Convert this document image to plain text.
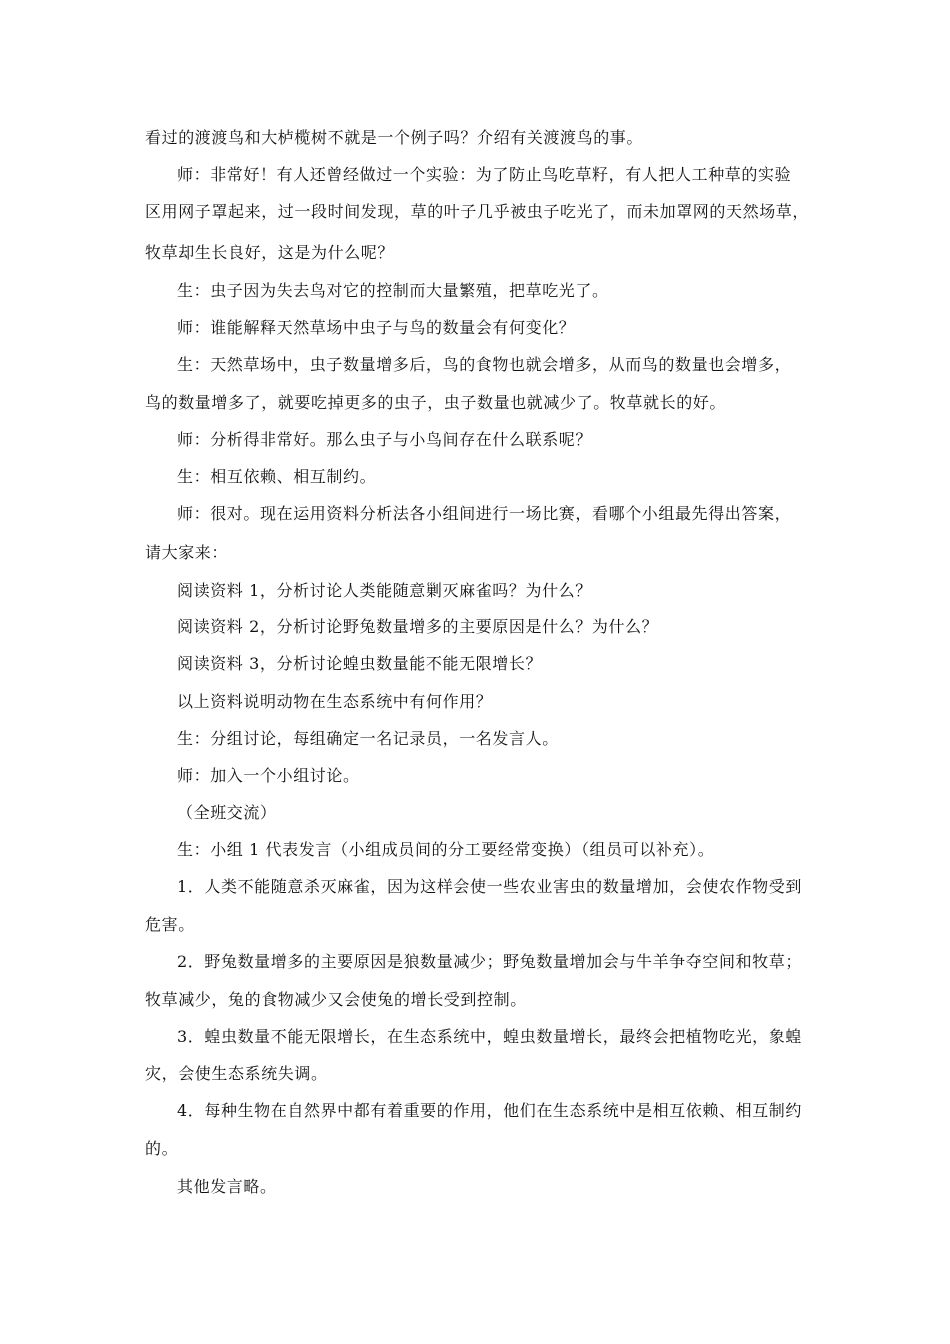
看过的渡渡鸟和大栌榄树不就是一个例子吗？介绍有关渡渡鸟的事。
师：非常好！有人还曾经做过一个实验：为了防止鸟吃草籽，有人把人工种草的实验
区用网子罩起来，过一段时间发现，草的叶子几乎被虫子吃光了，而未加罩网的天然场草，
牧草却生长良好，这是为什么呢？
生：虫子因为失去鸟对它的控制而大量繁殖，把草吃光了。
师：谁能解释天然草场中虫子与鸟的数量会有何变化？
生：天然草场中，虫子数量增多后，鸟的食物也就会增多，从而鸟的数量也会增多，
鸟的数量增多了，就要吃掉更多的虫子，虫子数量也就减少了。牧草就长的好。
师：分析得非常好。那么虫子与小鸟间存在什么联系呢？
生：相互依赖、相互制约。
师：很对。现在运用资料分析法各小组间进行一场比赛，看哪个小组最先得出答案，
请大家来：
阅读资料 1，分析讨论人类能随意剿灭麻雀吗？为什么？
阅读资料 2，分析讨论野兔数量增多的主要原因是什么？为什么？
阅读资料 3，分析讨论蝗虫数量能不能无限增长？
以上资料说明动物在生态系统中有何作用？
生：分组讨论，每组确定一名记录员，一名发言人。
师：加入一个小组讨论。
（全班交流）
生：小组 1 代表发言（小组成员间的分工要经常变换）（组员可以补充）。
1．人类不能随意杀灭麻雀，因为这样会使一些农业害虫的数量增加，会使农作物受到
危害。
2．野兔数量增多的主要原因是狼数量减少；野兔数量增加会与牛羊争夺空间和牧草；
牧草减少，兔的食物减少又会使兔的增长受到控制。
3．蝗虫数量不能无限增长，在生态系统中，蝗虫数量增长，最终会把植物吃光，象蝗
灾，会使生态系统失调。
4．每种生物在自然界中都有着重要的作用，他们在生态系统中是相互依赖、相互制约
的。
其他发言略。
